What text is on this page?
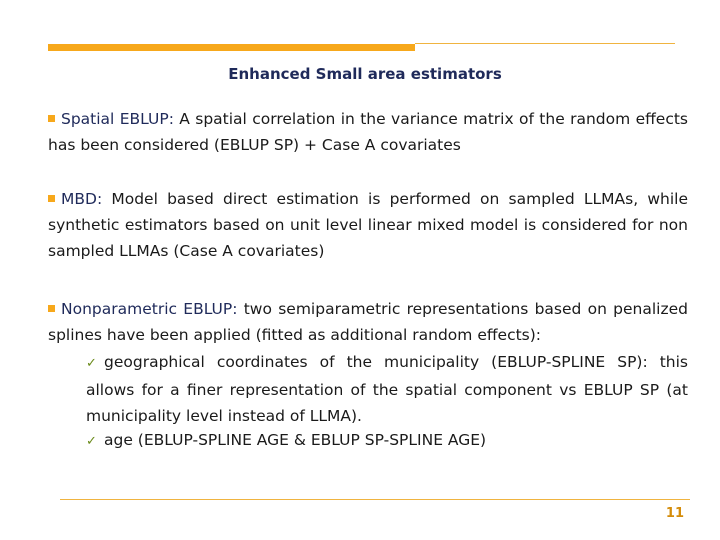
Enhanced Small area estimators
Spatial EBLUP: A spatial correlation in the variance matrix of the random effects has been considered (EBLUP SP) + Case A covariates
MBD: Model based direct estimation is performed on sampled LLMAs, while synthetic estimators based on unit level linear mixed model is considered for non sampled LLMAs (Case A covariates)
Nonparametric EBLUP: two semiparametric representations based on penalized splines have been applied (fitted as additional random effects):
✓ geographical coordinates of the municipality (EBLUP-SPLINE SP): this allows for a finer representation of the spatial component vs EBLUP SP (at municipality level instead of LLMA).
✓ age (EBLUP-SPLINE AGE & EBLUP SP-SPLINE AGE)
11
